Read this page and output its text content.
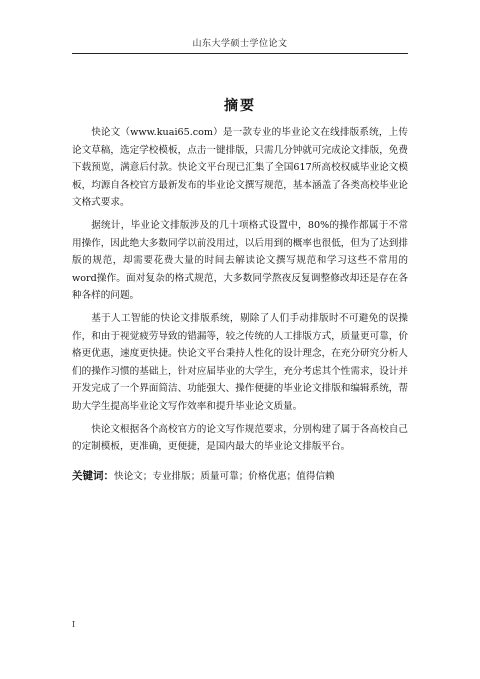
山东大学硕士学位论文
摘要

快论文（www.kuai65.com）是一款专业的毕业论文在线排版系统，上传论文草稿，选定学校模板，点击一键排版，只需几分钟就可完成论文排版，免费下载预览，满意后付款。快论文平台现已汇集了全国617所高校权威毕业论文模板，均源自各校官方最新发布的毕业论文撰写规范，基本涵盖了各类高校毕业论文格式要求。

据统计，毕业论文排版涉及的几十项格式设置中，80%的操作都属于不常用操作，因此绝大多数同学以前没用过，以后用到的概率也很低，但为了达到排版的规范，却需要花费大量的时间去解读论文撰写规范和学习这些不常用的word操作。面对复杂的格式规范，大多数同学熬夜反复调整修改却还是存在各种各样的问题。

基于人工智能的快论文排版系统，剔除了人们手动排版时不可避免的误操作，和由于视觉疲劳导致的错漏等，较之传统的人工排版方式，质量更可靠，价格更优惠，速度更快捷。快论文平台秉持人性化的设计理念，在充分研究分析人们的操作习惯的基础上，针对应届毕业的大学生，充分考虑其个性需求，设计并开发完成了一个界面简洁、功能强大、操作便捷的毕业论文排版和编辑系统，帮助大学生提高毕业论文写作效率和提升毕业论文质量。

快论文根据各个高校官方的论文写作规范要求，分别构建了属于各高校自己的定制模板，更准确，更便捷，是国内最大的毕业论文排版平台。

关键词：快论文；专业排版；质量可靠；价格优惠；值得信赖
I
